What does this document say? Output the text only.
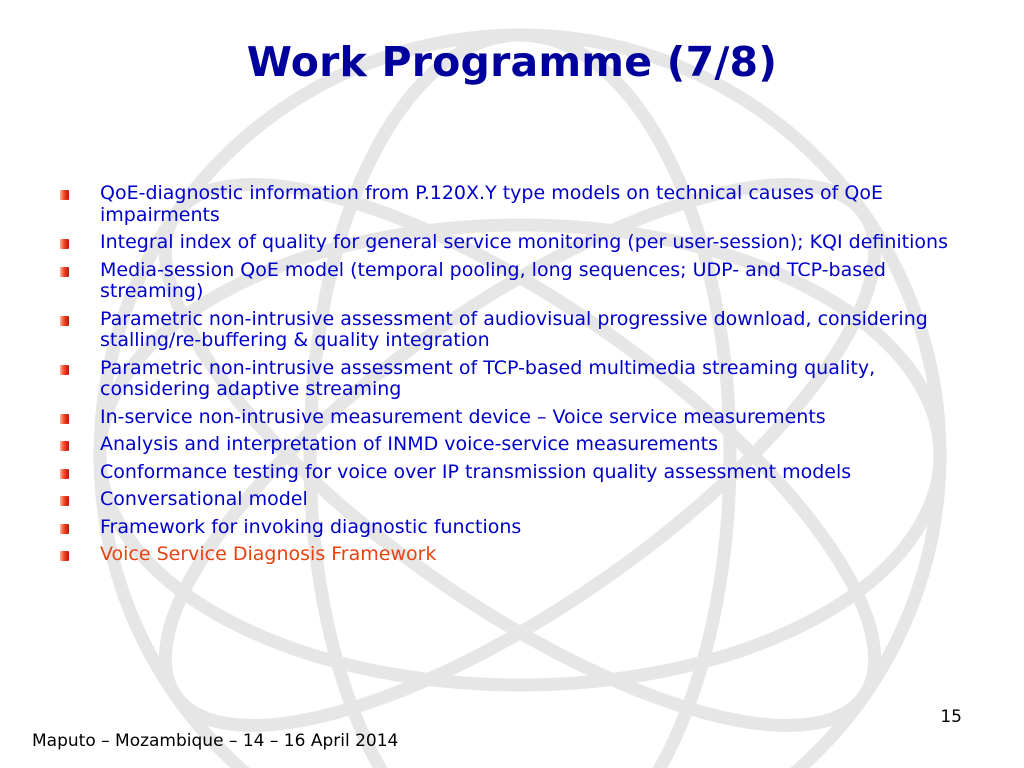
Work Programme (7/8)
QoE-diagnostic information from P.120X.Y type models on technical causes of QoE impairments
Integral index of quality for general service monitoring (per user-session); KQI definitions
Media-session QoE model (temporal pooling, long sequences; UDP- and TCP-based streaming)
Parametric non-intrusive assessment of audiovisual progressive download, considering stalling/re-buffering & quality integration
Parametric non-intrusive assessment of TCP-based multimedia streaming quality, considering adaptive streaming
In-service non-intrusive measurement device – Voice service measurements
Analysis and interpretation of INMD voice-service measurements
Conformance testing for voice over IP transmission quality assessment models
Conversational model
Framework for invoking diagnostic functions
Voice Service Diagnosis Framework
15
Maputo – Mozambique – 14 – 16 April 2014
